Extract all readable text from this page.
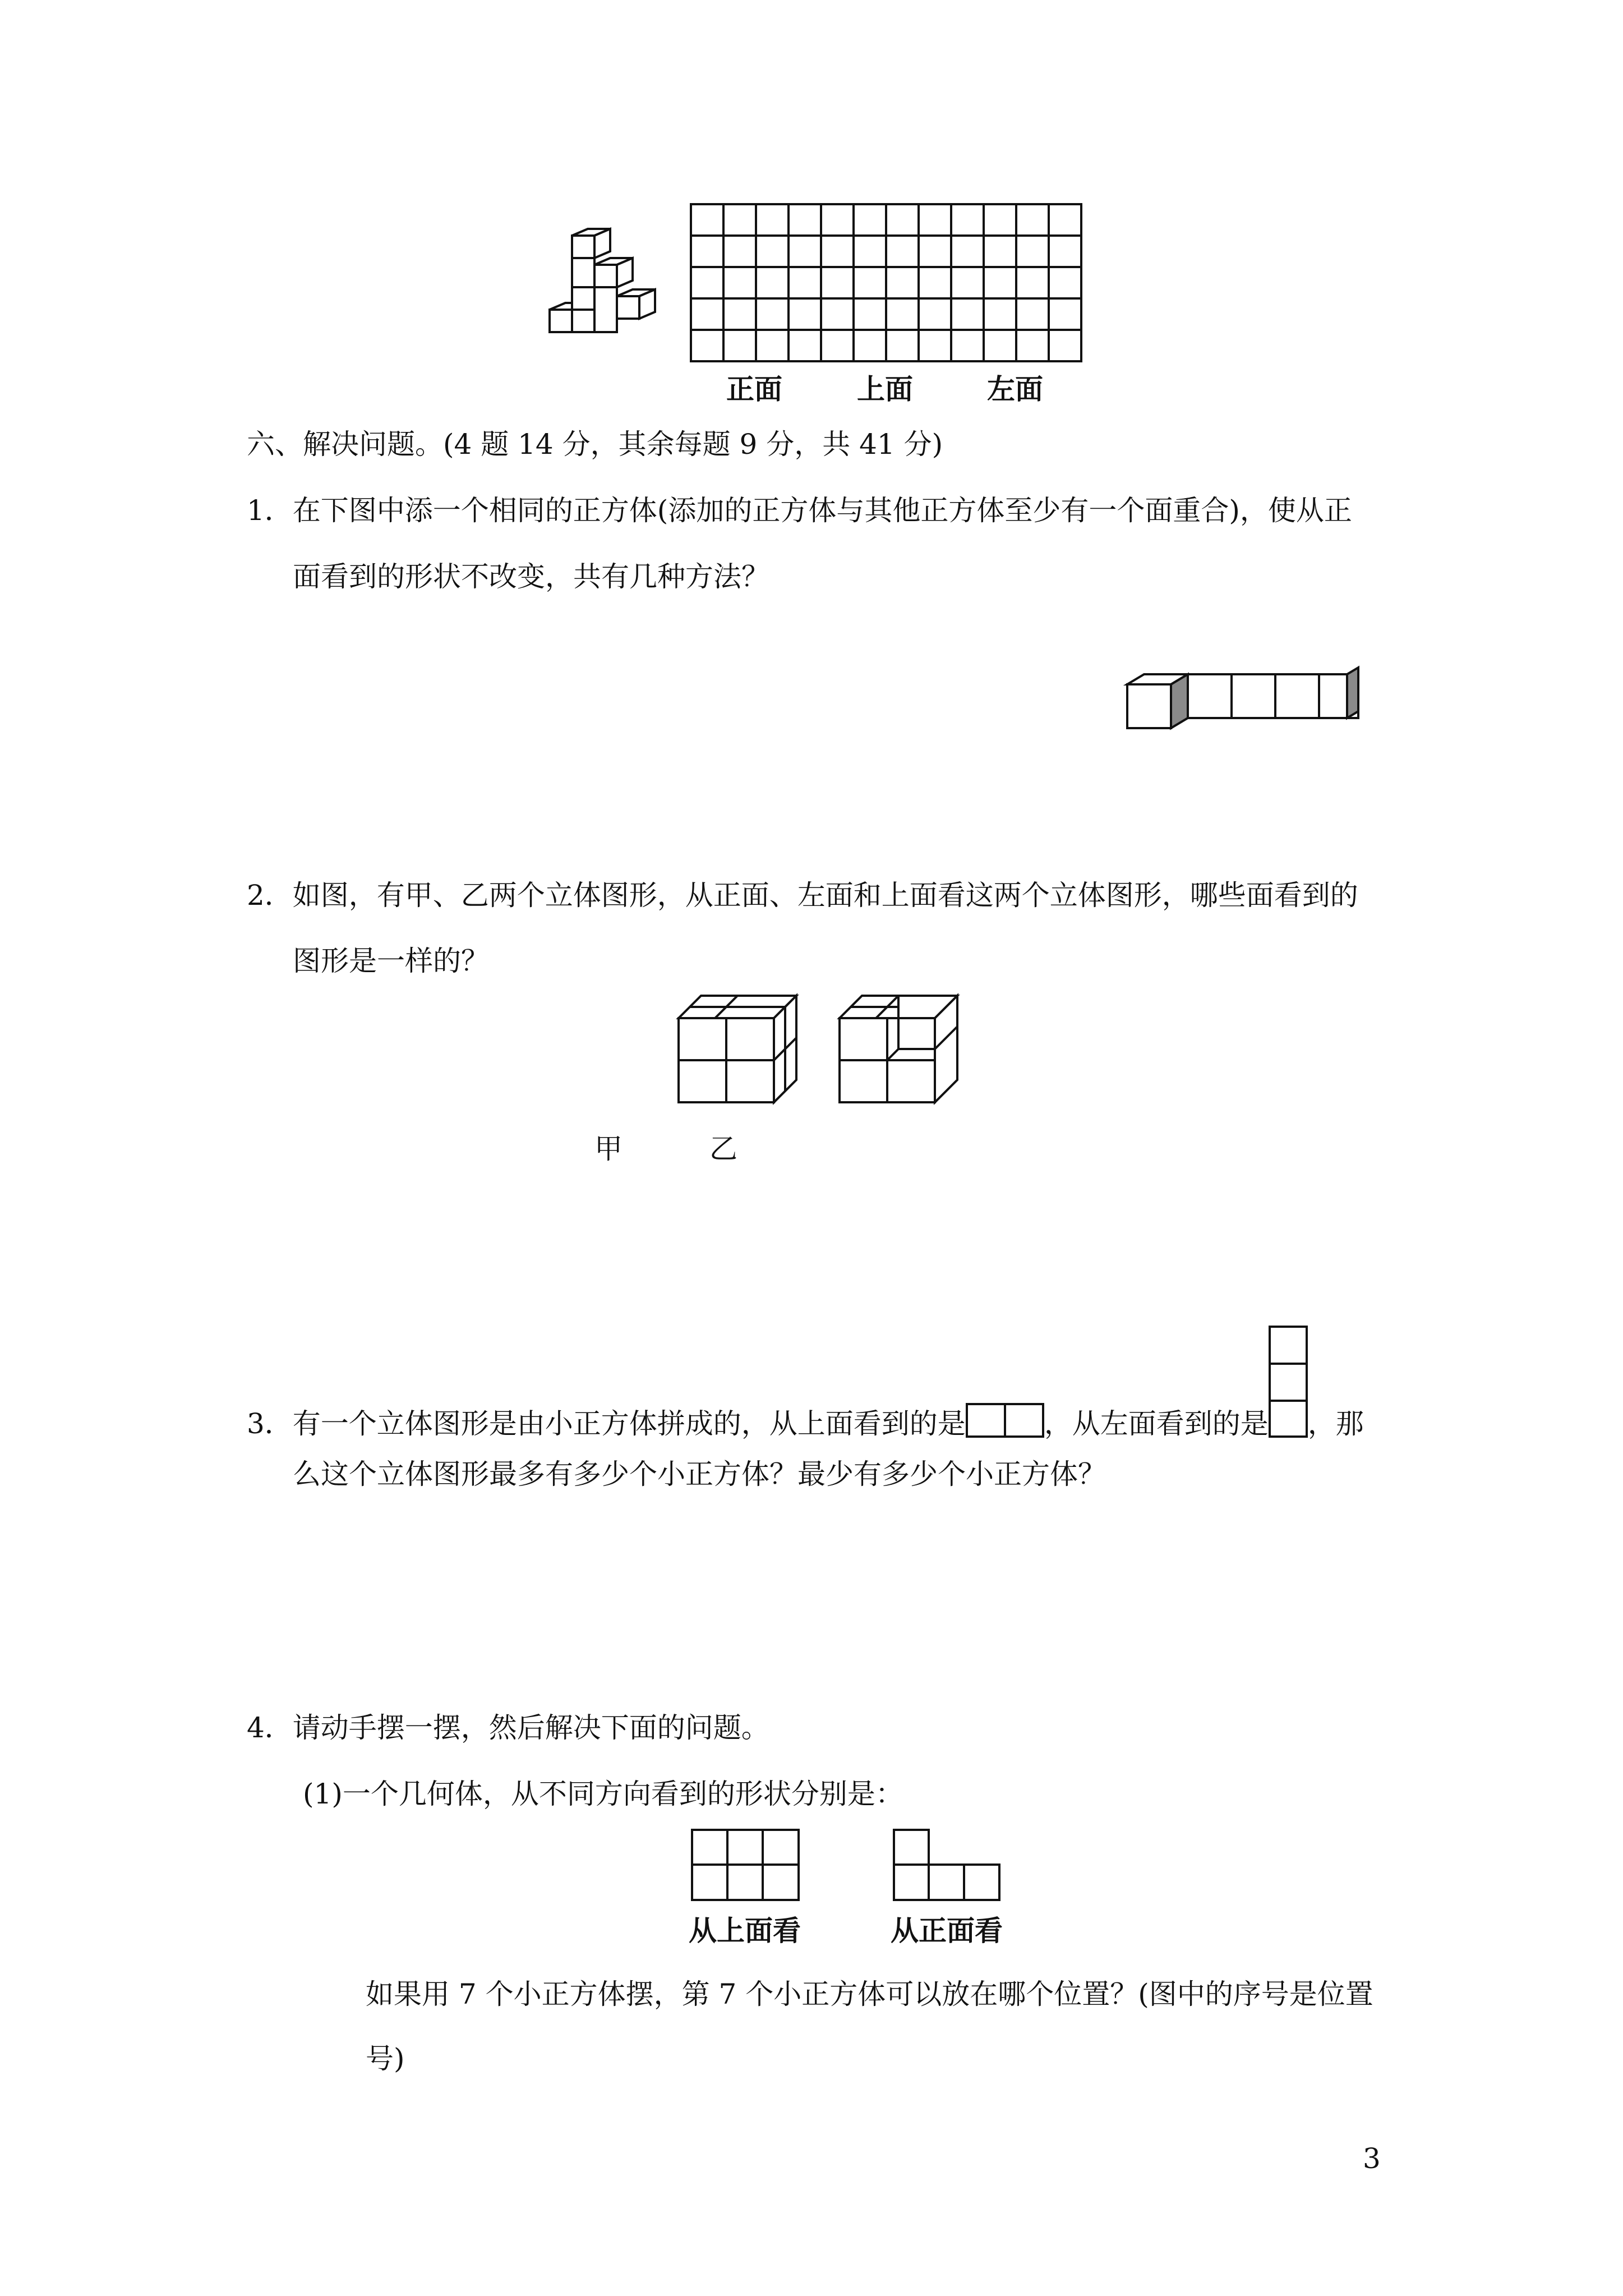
正面	上面	左面
六、解决问题。(4 题 14 分，其余每题 9 分，共 41 分)
1．在下图中添一个相同的正方体(添加的正方体与其他正方体至少有一个面重合)，使从正
面看到的形状不改变，共有几种方法？
2．如图，有甲、乙两个立体图形，从正面、左面和上面看这两个立体图形，哪些面看到的
图形是一样的？
甲	乙
3．有一个立体图形是由小正方体拼成的，从上面看到的是	，从左面看到的是 ，那
么这个立体图形最多有多少个小正方体？最少有多少个小正方体？
4．请动手摆一摆，然后解决下面的问题。
(1)一个几何体，从不同方向看到的形状分别是：
从上面看	从正面看
如果用 7 个小正方体摆，第 7 个小正方体可以放在哪个位置？(图中的序号是位置
号)
3
